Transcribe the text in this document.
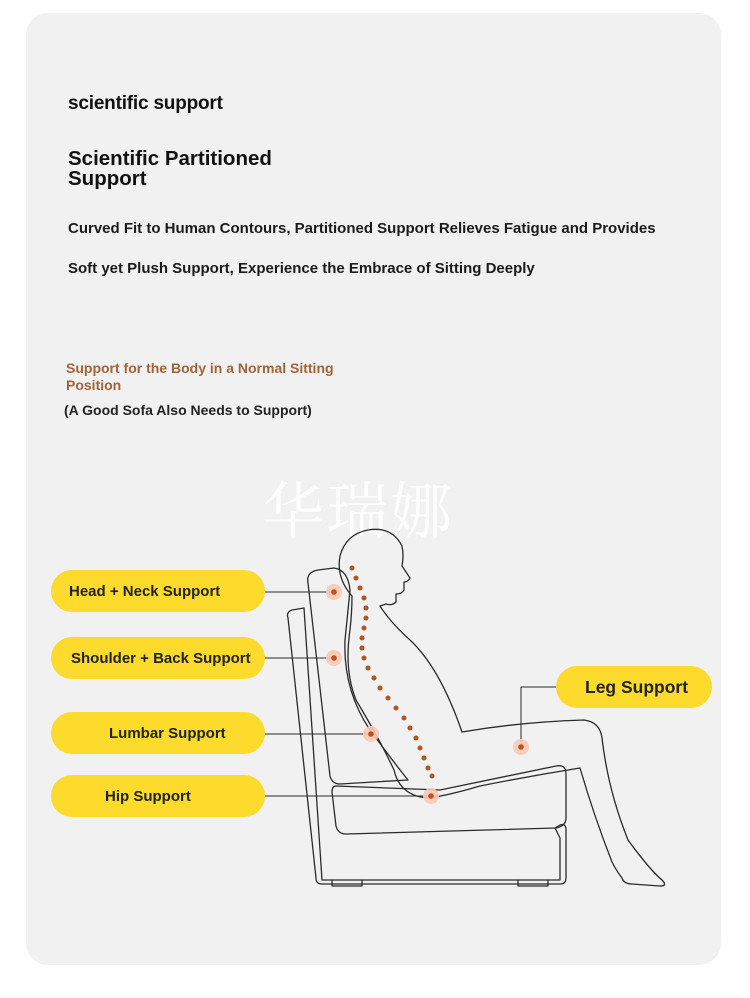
scientific support
Scientific Partitioned Support
Curved Fit to Human Contours, Partitioned Support Relieves Fatigue and Provides
Soft yet Plush Support, Experience the Embrace of Sitting Deeply
Support for the Body in a Normal Sitting Position
(A Good Sofa Also Needs to Support)
华瑞娜
Head + Neck Support
Shoulder + Back Support
Lumbar Support
Hip Support
Leg Support
